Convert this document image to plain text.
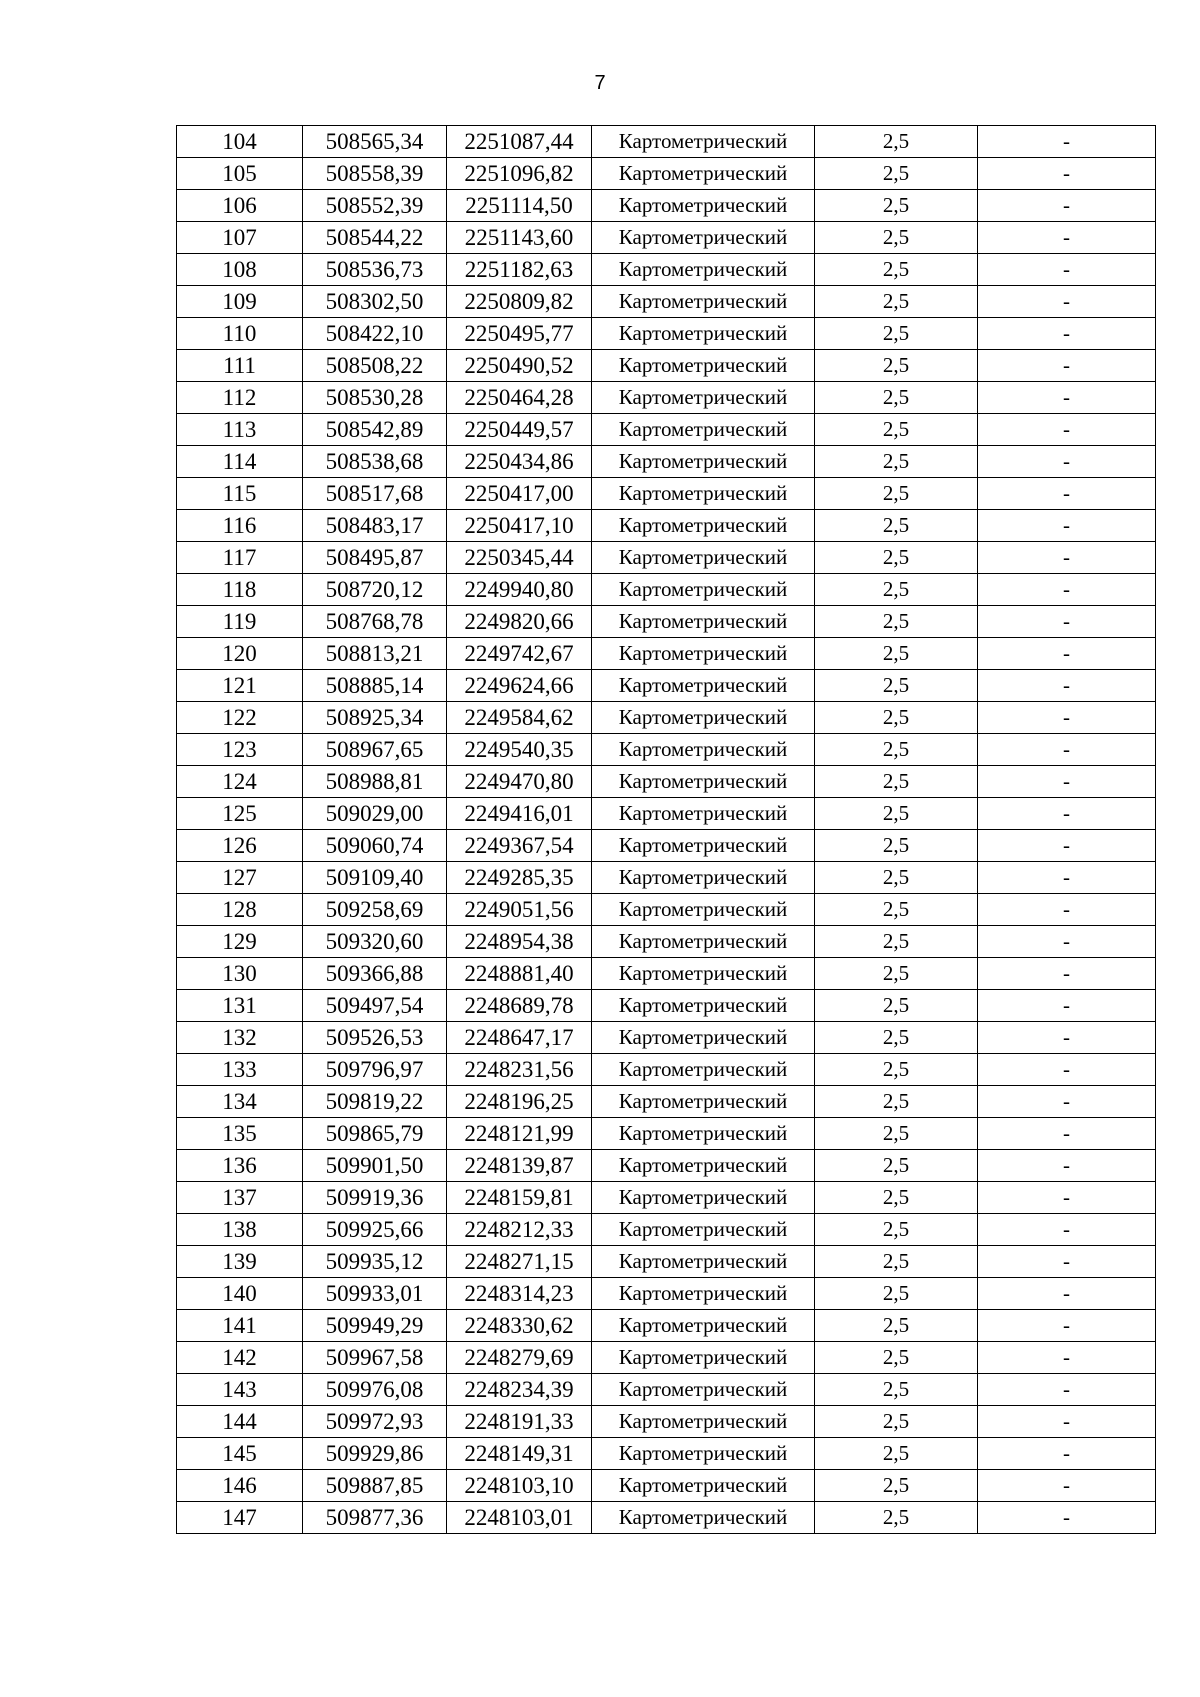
7
104	508565,34	2251087,44	Картометрический	2,5	-
105	508558,39	2251096,82	Картометрический	2,5	-
106	508552,39	2251114,50	Картометрический	2,5	-
107	508544,22	2251143,60	Картометрический	2,5	-
108	508536,73	2251182,63	Картометрический	2,5	-
109	508302,50	2250809,82	Картометрический	2,5	-
110	508422,10	2250495,77	Картометрический	2,5	-
111	508508,22	2250490,52	Картометрический	2,5	-
112	508530,28	2250464,28	Картометрический	2,5	-
113	508542,89	2250449,57	Картометрический	2,5	-
114	508538,68	2250434,86	Картометрический	2,5	-
115	508517,68	2250417,00	Картометрический	2,5	-
116	508483,17	2250417,10	Картометрический	2,5	-
117	508495,87	2250345,44	Картометрический	2,5	-
118	508720,12	2249940,80	Картометрический	2,5	-
119	508768,78	2249820,66	Картометрический	2,5	-
120	508813,21	2249742,67	Картометрический	2,5	-
121	508885,14	2249624,66	Картометрический	2,5	-
122	508925,34	2249584,62	Картометрический	2,5	-
123	508967,65	2249540,35	Картометрический	2,5	-
124	508988,81	2249470,80	Картометрический	2,5	-
125	509029,00	2249416,01	Картометрический	2,5	-
126	509060,74	2249367,54	Картометрический	2,5	-
127	509109,40	2249285,35	Картометрический	2,5	-
128	509258,69	2249051,56	Картометрический	2,5	-
129	509320,60	2248954,38	Картометрический	2,5	-
130	509366,88	2248881,40	Картометрический	2,5	-
131	509497,54	2248689,78	Картометрический	2,5	-
132	509526,53	2248647,17	Картометрический	2,5	-
133	509796,97	2248231,56	Картометрический	2,5	-
134	509819,22	2248196,25	Картометрический	2,5	-
135	509865,79	2248121,99	Картометрический	2,5	-
136	509901,50	2248139,87	Картометрический	2,5	-
137	509919,36	2248159,81	Картометрический	2,5	-
138	509925,66	2248212,33	Картометрический	2,5	-
139	509935,12	2248271,15	Картометрический	2,5	-
140	509933,01	2248314,23	Картометрический	2,5	-
141	509949,29	2248330,62	Картометрический	2,5	-
142	509967,58	2248279,69	Картометрический	2,5	-
143	509976,08	2248234,39	Картометрический	2,5	-
144	509972,93	2248191,33	Картометрический	2,5	-
145	509929,86	2248149,31	Картометрический	2,5	-
146	509887,85	2248103,10	Картометрический	2,5	-
147	509877,36	2248103,01	Картометрический	2,5	-
